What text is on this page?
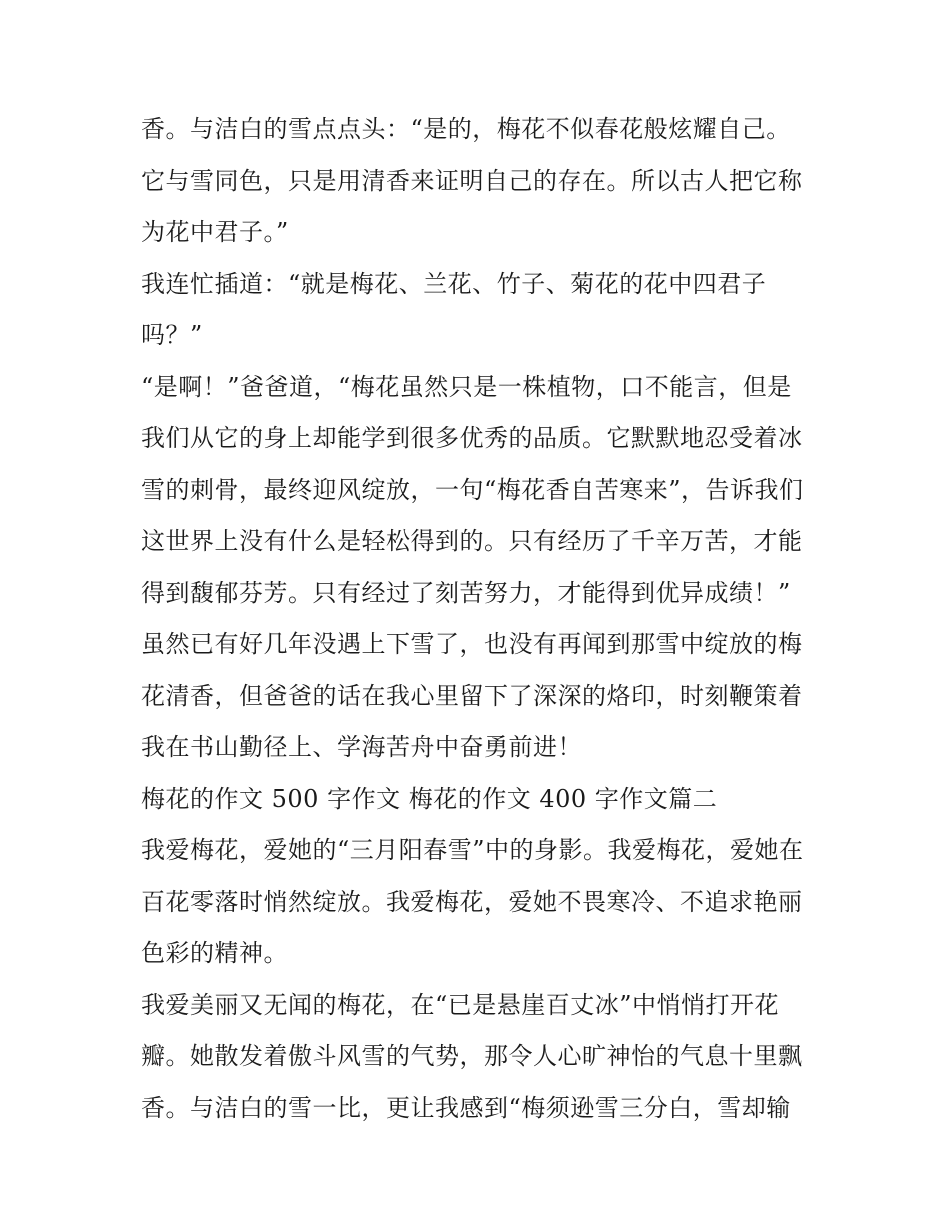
香。与洁白的雪点点头：“是的，梅花不似春花般炫耀自己。
它与雪同色，只是用清香来证明自己的存在。所以古人把它称
为花中君子。”
我连忙插道：“就是梅花、兰花、竹子、菊花的花中四君子
吗？”
“是啊！”爸爸道，“梅花虽然只是一株植物，口不能言，但是
我们从它的身上却能学到很多优秀的品质。它默默地忍受着冰
雪的刺骨，最终迎风绽放，一句“梅花香自苦寒来”，告诉我们
这世界上没有什么是轻松得到的。只有经历了千辛万苦，才能
得到馥郁芬芳。只有经过了刻苦努力，才能得到优异成绩！”
虽然已有好几年没遇上下雪了，也没有再闻到那雪中绽放的梅
花清香，但爸爸的话在我心里留下了深深的烙印，时刻鞭策着
我在书山勤径上、学海苦舟中奋勇前进！
梅花的作文 500 字作文 梅花的作文 400 字作文篇二
我爱梅花，爱她的“三月阳春雪”中的身影。我爱梅花，爱她在
百花零落时悄然绽放。我爱梅花，爱她不畏寒冷、不追求艳丽
色彩的精神。
我爱美丽又无闻的梅花，在“已是悬崖百丈冰”中悄悄打开花
瓣。她散发着傲斗风雪的气势，那令人心旷神怡的气息十里飘
香。与洁白的雪一比，更让我感到“梅须逊雪三分白，雪却输
